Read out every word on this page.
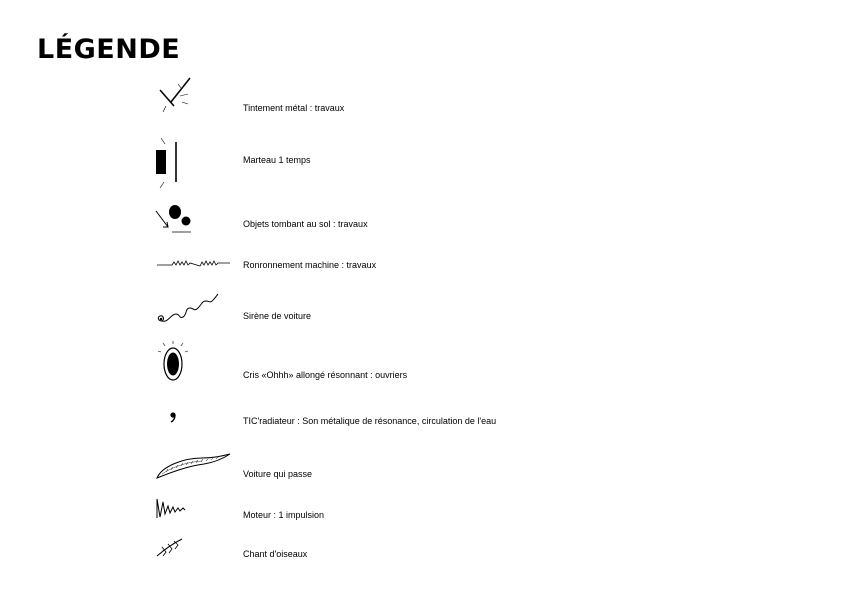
LÉGENDE
Tintement métal : travaux
Marteau 1 temps
Objets tombant au sol : travaux
Ronronnement machine : travaux
Sirène de voiture
Cris «Ohhh» allongé résonnant : ouvriers
TIC'radiateur : Son métalique de résonance, circulation de l'eau
Voiture qui passe
Moteur : 1 impulsion
Chant d'oiseaux
